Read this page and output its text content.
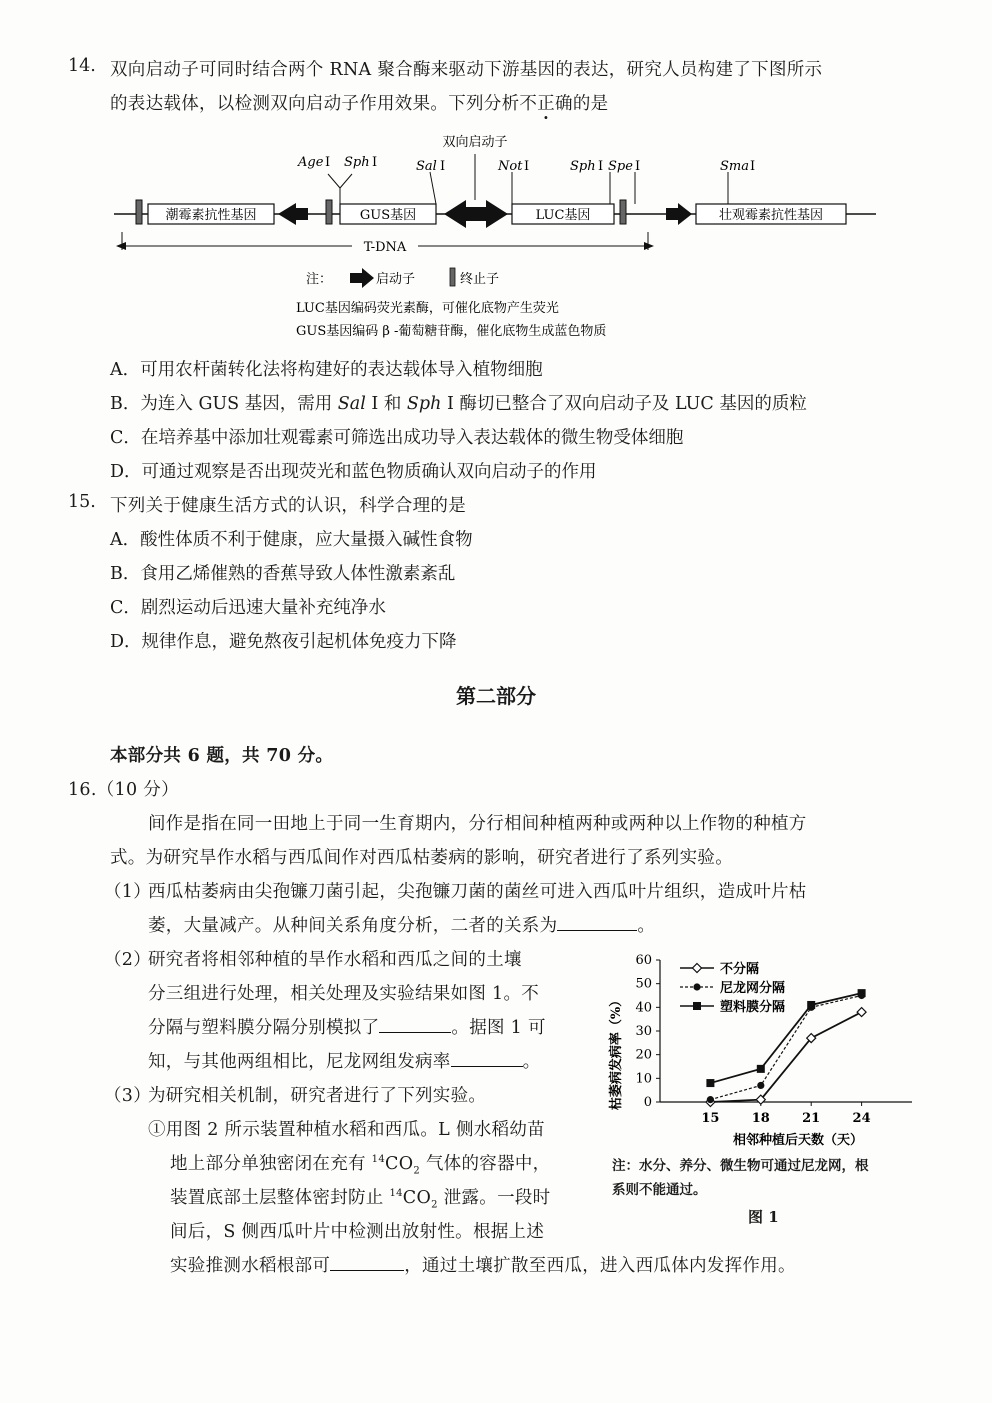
14. 双向启动子可同时结合两个 RNA 聚合酶来驱动下游基因的表达，研究人员构建了下图所示
的表达载体，以检测双向启动子作用效果。下列分析不正确的是
潮霉素抗性基因	GUS基因	LUC基因	壮观霉素抗性基因
双向启动子
Age I Sph I	Sal I	Not I	Sph I Spe I	Sma I
T-DNA
注：	启动子	终止子
LUC基因编码荧光素酶，可催化底物产生荧光
GUS基因编码 β -葡萄糖苷酶，催化底物生成蓝色物质
A．可用农杆菌转化法将构建好的表达载体导入植物细胞
B．为连入 GUS 基因，需用 Sal I 和 Sph I 酶切已整合了双向启动子及 LUC 基因的质粒
C．在培养基中添加壮观霉素可筛选出成功导入表达载体的微生物受体细胞
D．可通过观察是否出现荧光和蓝色物质确认双向启动子的作用
15. 下列关于健康生活方式的认识，科学合理的是
A．酸性体质不利于健康，应大量摄入碱性食物
B．食用乙烯催熟的香蕉导致人体性激素紊乱
C．剧烈运动后迅速大量补充纯净水
D．规律作息，避免熬夜引起机体免疫力下降
第二部分
本部分共 6 题，共 70 分。
16.（10 分）
间作是指在同一田地上于同一生育期内，分行相间种植两种或两种以上作物的种植方
式。为研究旱作水稻与西瓜间作对西瓜枯萎病的影响，研究者进行了系列实验。
（1）
西瓜枯萎病由尖孢镰刀菌引起，尖孢镰刀菌的菌丝可进入西瓜叶片组织，造成叶片枯
萎，大量减产。从种间关系角度分析，二者的关系为	。
（2）
研究者将相邻种植的旱作水稻和西瓜之间的土壤
分三组进行处理，相关处理及实验结果如图 1。不
分隔与塑料膜分隔分别模拟了	。据图 1 可
知，与其他两组相比，尼龙网组发病率	。
（3）
为研究相关机制，研究者进行了下列实验。
①用图 2 所示装置种植水稻和西瓜。L 侧水稻幼苗
地上部分单独密闭在充有 $^{14}CO_2$ 气体的容器中，
装置底部土层整体密封防止 $^{14}CO_2$ 泄露。一段时
间后，S 侧西瓜叶片中检测出放射性。根据上述
实验推测水稻根部可	，通过土壤扩散至西瓜，进入西瓜体内发挥作用。
0
10
20
30
40
50
60
15 18 21 24
不分隔
尼龙网分隔
塑料膜分隔
枯萎病发病率（%）
相邻种植后天数（天）
注：水分、养分、微生物可通过尼龙网，根
系则不能通过。
图 1
